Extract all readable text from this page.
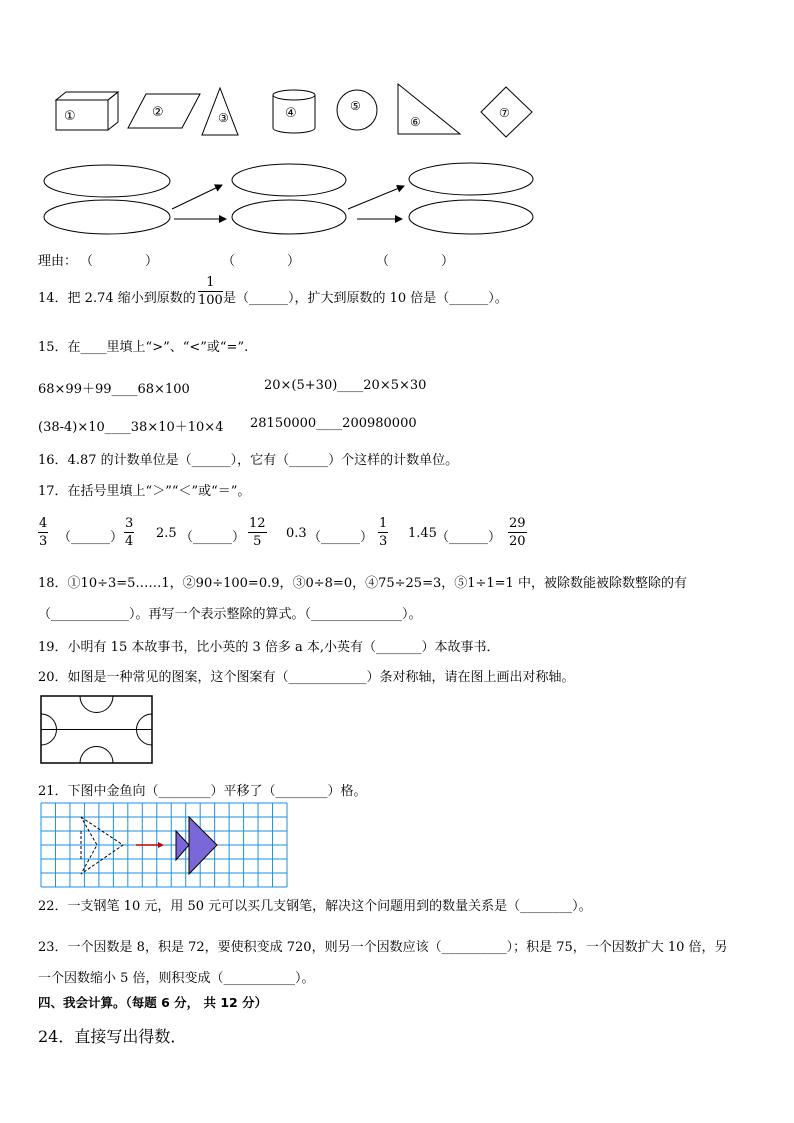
①	②	③	④	⑤
⑥
⑦
理由： （　　　　）	（　　　　）	（　　　　）
14．把 2.74 缩小到原数的 $\frac{1}{100}$ 是（______），扩大到原数的 10 倍是（______）。
15．在____里填上“>”、“<”或“=”.
68×99＋99____68×100	20×(5+30)____20×5×30
(38-4)×10____38×10＋10×4 28150000____200980000
16．4.87 的计数单位是（______），它有（______）个这样的计数单位。
17．在括号里填上“＞”“＜”或“＝”。
$\frac{4}{3}$ （______） $\frac{3}{4} 2.5$ （______） $\frac{12}{5} 0.3$ （______） $\frac{1}{3} 1.45$ （______） $\frac{29}{20}$
18．①10÷3=5……1，②90÷100=0.9，③0÷8=0，④75÷25=3，⑤1÷1=1 中，被除数能被除数整除的有
（____________）。再写一个表示整除的算式。（______________）。
19．小明有 15 本故事书，比小英的 3 倍多 a 本,小英有（_______）本故事书．
20．如图是一种常见的图案，这个图案有（____________）条对称轴，请在图上画出对称轴。
21．下图中金鱼向（________）平移了（________）格。
22．一支钢笔 10 元，用 50 元可以买几支钢笔，解决这个问题用到的数量关系是（________）。
23．一个因数是 8，积是 72，要使积变成 720，则另一个因数应该（__________）；积是 75，一个因数扩大 10 倍，另
一个因数缩小 5 倍，则积变成（___________）。
四、我会计算。（每题 6 分， 共 12 分）
24．直接写出得数．
